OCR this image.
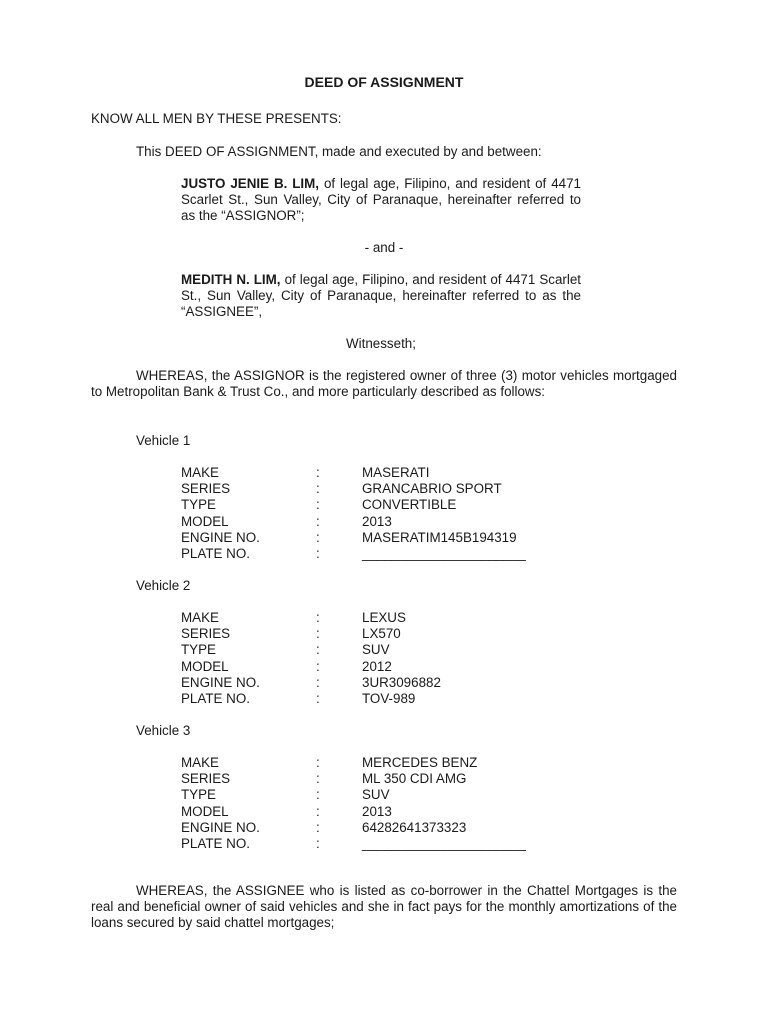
DEED OF ASSIGNMENT
KNOW ALL MEN BY THESE PRESENTS:
This DEED OF ASSIGNMENT, made and executed by and between:
JUSTO JENIE B. LIM, of legal age, Filipino, and resident of 4471 Scarlet St., Sun Valley, City of Paranaque, hereinafter referred to as the “ASSIGNOR”;
- and -
MEDITH N. LIM, of legal age, Filipino, and resident of 4471 Scarlet St., Sun Valley, City of Paranaque, hereinafter referred to as the “ASSIGNEE”,
Witnesseth;
WHEREAS, the ASSIGNOR is the registered owner of three (3) motor vehicles mortgaged to Metropolitan Bank & Trust Co., and more particularly described as follows:
Vehicle 1
MAKE	:	MASERATI
SERIES	:	GRANCABRIO SPORT
TYPE	:	CONVERTIBLE
MODEL	:	2013
ENGINE NO.	:	MASERATIM145B194319
PLATE NO.	:	______________________
Vehicle 2
MAKE	:	LEXUS
SERIES	:	LX570
TYPE	:	SUV
MODEL	:	2012
ENGINE NO.	:	3UR3096882
PLATE NO.	:	TOV-989
Vehicle 3
MAKE	:	MERCEDES BENZ
SERIES	:	ML 350 CDI AMG
TYPE	:	SUV
MODEL	:	2013
ENGINE NO.	:	64282641373323
PLATE NO.	:	______________________
WHEREAS, the ASSIGNEE who is listed as co-borrower in the Chattel Mortgages is the real and beneficial owner of said vehicles and she in fact pays for the monthly amortizations of the loans secured by said chattel mortgages;
